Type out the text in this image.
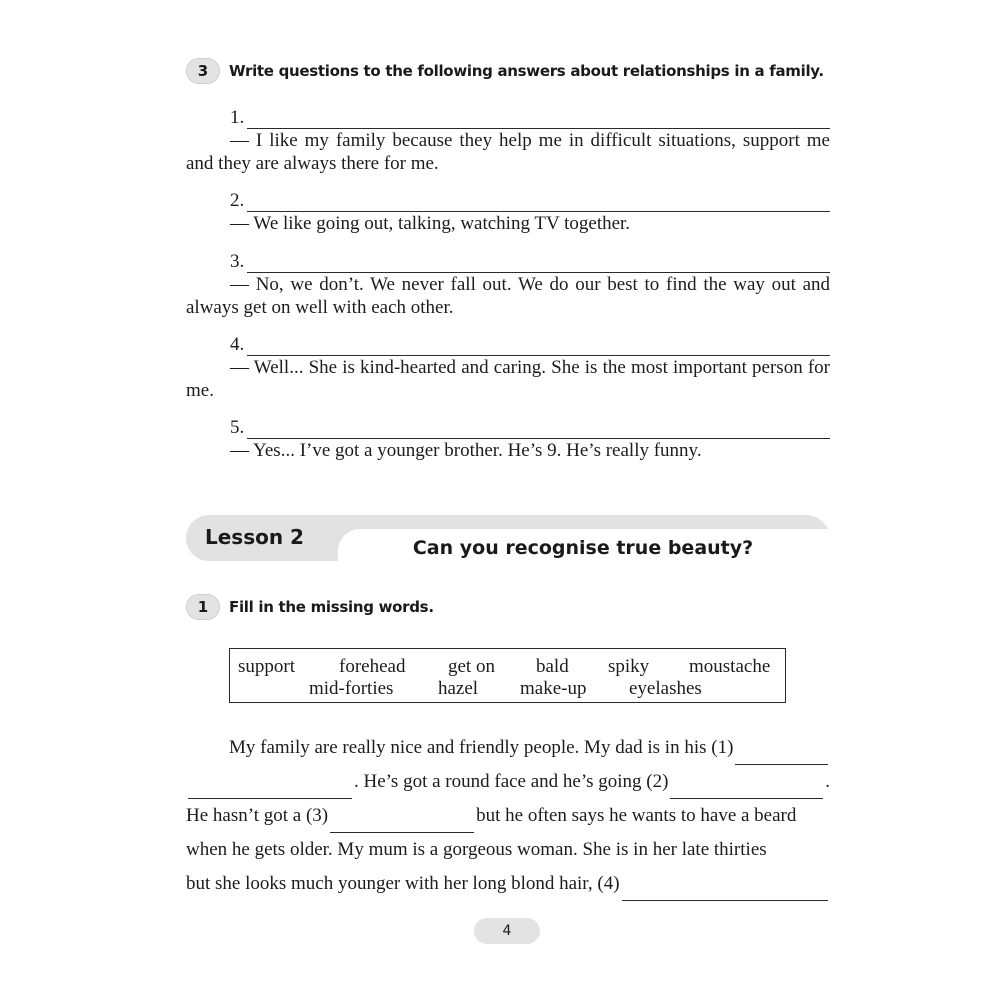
3	Write questions to the following answers about relationships in a family.
1.
— I like my family because they help me in difficult situations, support me and they are always there for me.
2.
— We like going out, talking, watching TV together.
3.
— No, we don’t. We never fall out. We do our best to find the way out and always get on well with each other.
4.
— Well... She is kind-hearted and caring. She is the most important person for me.
5.
— Yes... I’ve got a younger brother. He’s 9. He’s really funny.
Lesson 2	Can you recognise true beauty?
1	Fill in the missing words.
support forehead get on bald spiky moustache
mid-forties hazel make-up eyelashes
My family are really nice and friendly people. My dad is in his (1)
. He’s got a round face and he’s going (2)	.
He hasn’t got a (3)	but he often says he wants to have a beard
when he gets older. My mum is a gorgeous woman. She is in her late thirties
but she looks much younger with her long blond hair, (4)
4
